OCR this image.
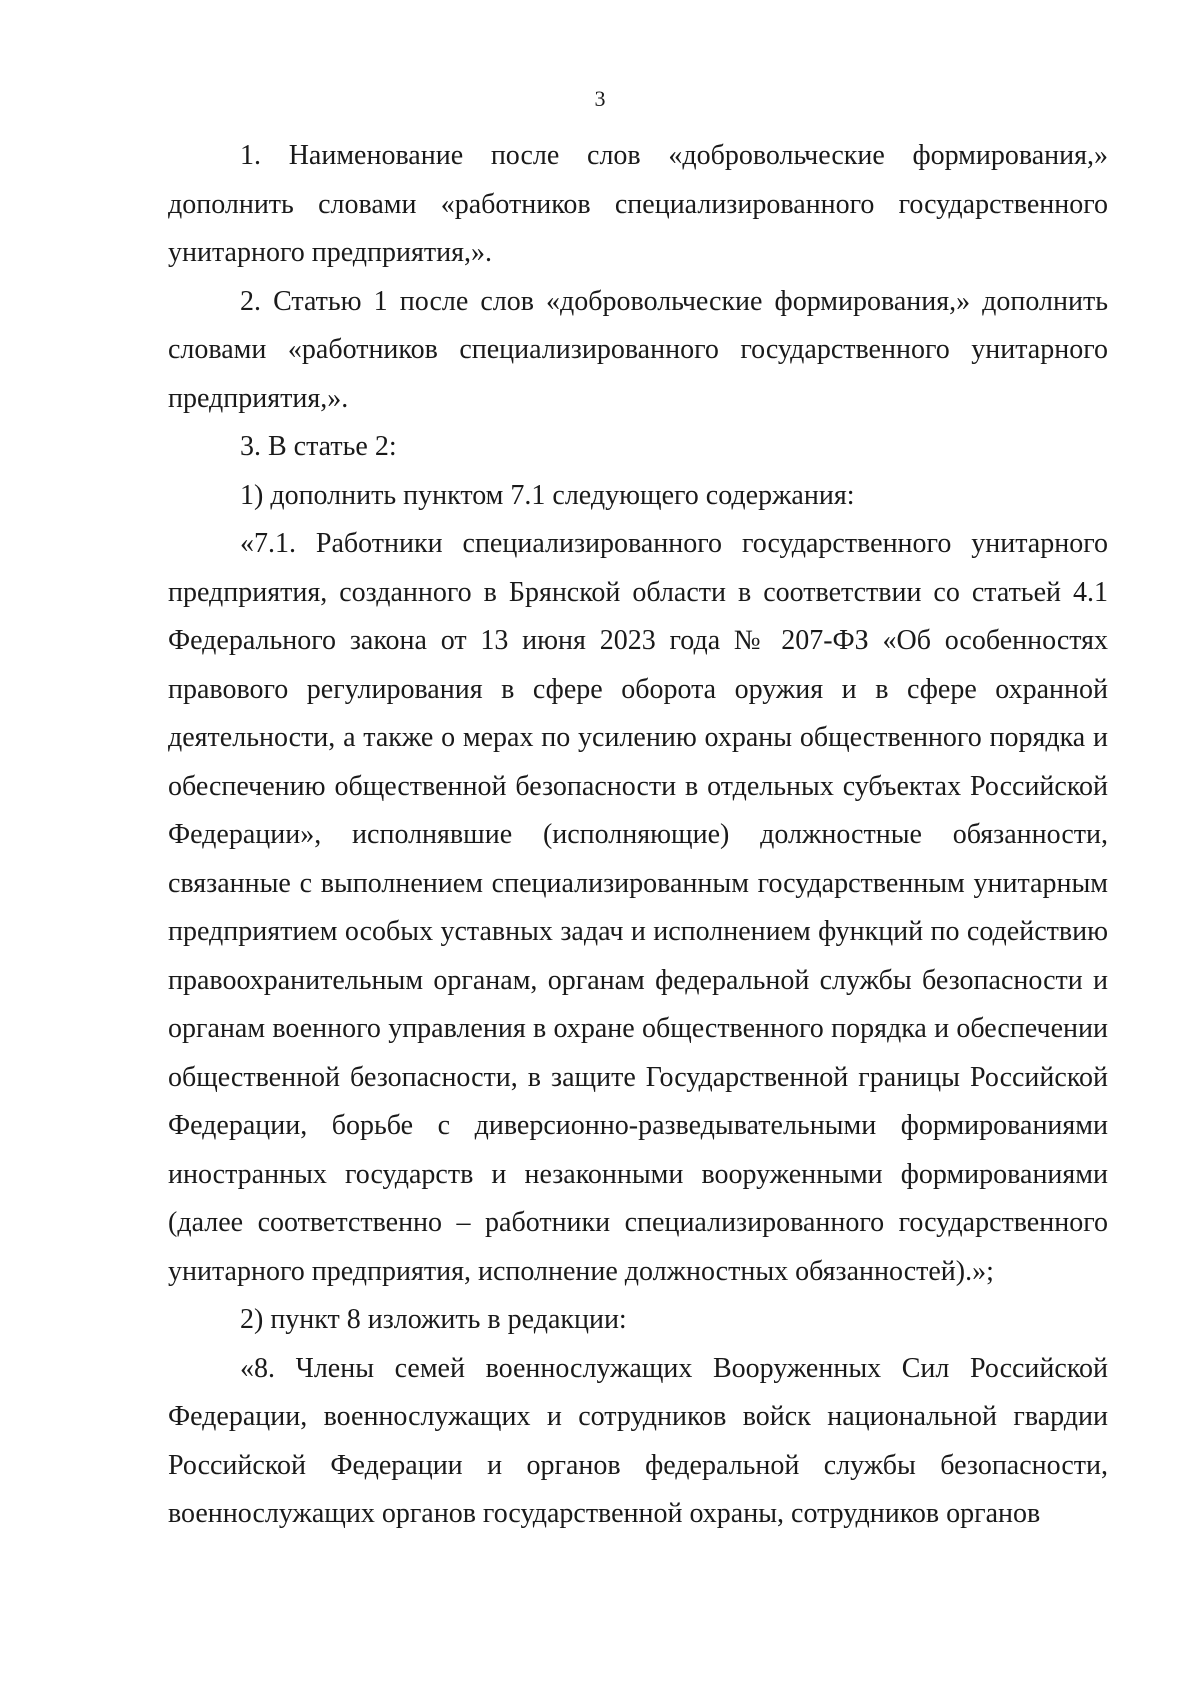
3

1. Наименование после слов «добровольческие формирования,» дополнить словами «работников специализированного государственного унитарного предприятия,».

2. Статью 1 после слов «добровольческие формирования,» дополнить словами «работников специализированного государственного унитарного предприятия,».

3. В статье 2:

1) дополнить пунктом 7.1 следующего содержания:

«7.1. Работники специализированного государственного унитарного предприятия, созданного в Брянской области в соответствии со статьей 4.1 Федерального закона от 13 июня 2023 года № 207-ФЗ «Об особенностях правового регулирования в сфере оборота оружия и в сфере охранной деятельности, а также о мерах по усилению охраны общественного порядка и обеспечению общественной безопасности в отдельных субъектах Российской Федерации», исполнявшие (исполняющие) должностные обязанности, связанные с выполнением специализированным государственным унитарным предприятием особых уставных задач и исполнением функций по содействию правоохранительным органам, органам федеральной службы безопасности и органам военного управления в охране общественного порядка и обеспечении общественной безопасности, в защите Государственной границы Российской Федерации, борьбе с диверсионно-разведывательными формированиями иностранных государств и незаконными вооруженными формированиями (далее соответственно – работники специализированного государственного унитарного предприятия, исполнение должностных обязанностей).»;

2) пункт 8 изложить в редакции:

«8. Члены семей военнослужащих Вооруженных Сил Российской Федерации, военнослужащих и сотрудников войск национальной гвардии Российской Федерации и органов федеральной службы безопасности, военнослужащих органов государственной охраны, сотрудников органов
